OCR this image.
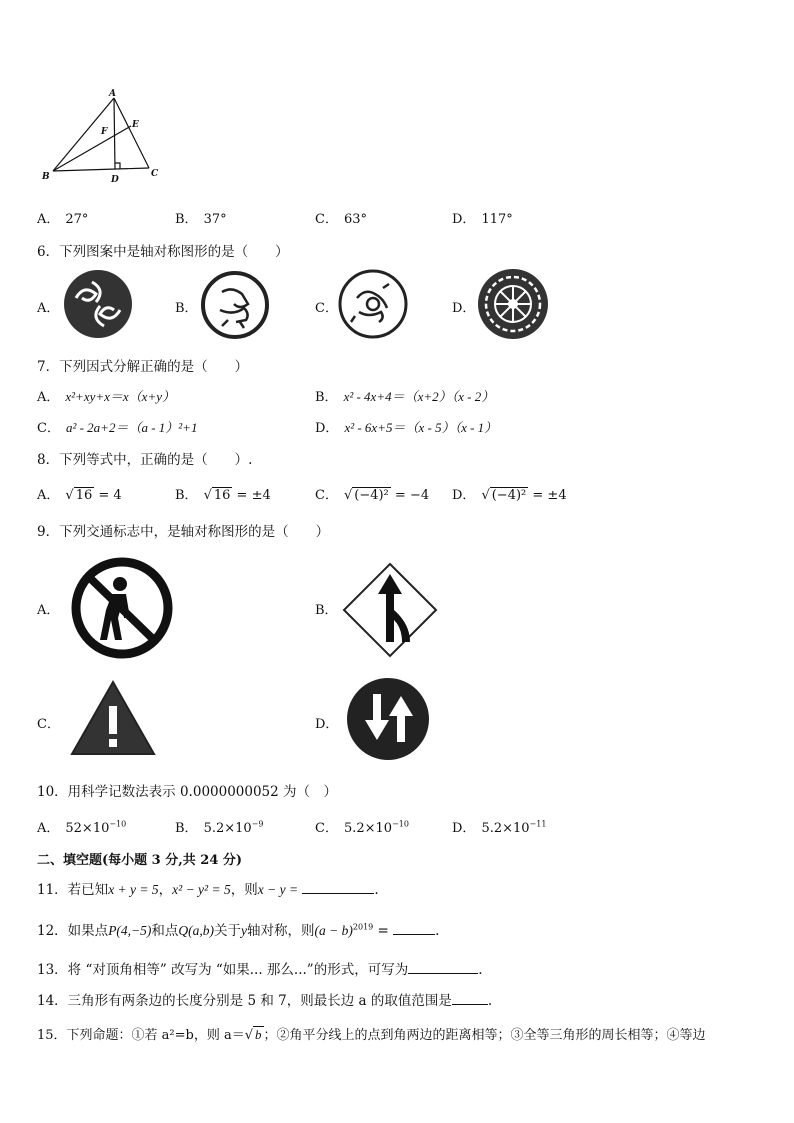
A
E
F
B	D
C
A． 27°	B． 37°	C． 63°	D． 117°
6．下列图案中是轴对称图形的是（　　）
A．	B．	C．	D．
7．下列因式分解正确的是（　　）
A． x²+xy+x＝x（x+y）	B． x² - 4x+4＝（x+2）（x - 2）
C． a² - 2a+2＝（a - 1）²+1	D． x² - 6x+5＝（x - 5）（x - 1）
8．下列等式中，正确的是（　　）.
A． √ 16 = 4	B． √ 16 = ±4	C． √ (−4)² = −4 D． √ (−4)² = ±4
9．下列交通标志中，是轴对称图形的是（　　）
A．	B．
C．	D．
10．用科学记数法表示 0.0000000052 为（　）
A． $52\times 10^{-10}$	B． $5.2\times 10^{-9}$	C． $5.2\times 10^{-10}$	D． $5.2\times 10^{-11}$
二、填空题(每小题 3 分,共 24 分)
11．若已知x + y = 5，x² − y² = 5，则x − y =	.
12．如果点P(4,−5)和点Q(a,b)关于y轴对称，则$(a - b)^{2019}$ =	.
13．将 “对顶角相等” 改写为 “如果... 那么...”的形式，可写为	.
14．三角形有两条边的长度分别是 5 和 7，则最长边 a 的取值范围是	.
15．下列命题：①若 a²=b，则 a＝√ b ；②角平分线上的点到角两边的距离相等；③全等三角形的周长相等；④等边
